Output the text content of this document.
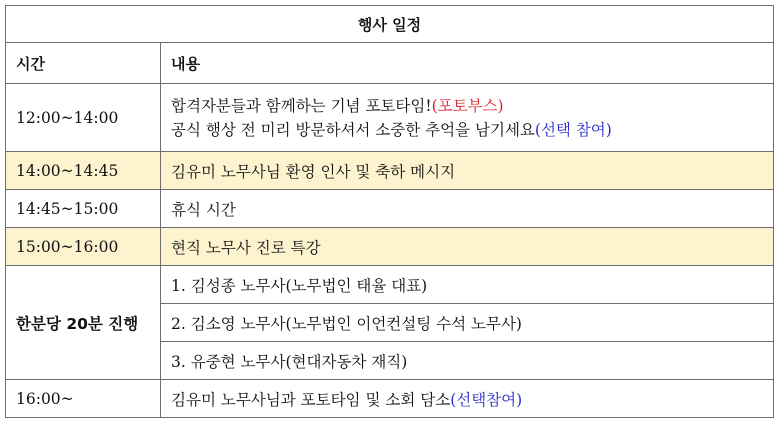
행사 일정	
시간	내용
12:00~14:00	합격자분들과 함께하는 기념 포토타임!(포토부스)
공식 행상 전 미리 방문하셔서 소중한 추억을 남기세요(선택 참여)

14:00~14:45	김유미 노무사님 환영 인사 및 축하 메시지
14:45~15:00	휴식 시간
15:00~16:00	현직 노무사 진로 특강
한분당 20분 진행	1. 김성종 노무사(노무법인 태율 대표)
	2. 김소영 노무사(노무법인 이언컨설팅 수석 노무사)
	3. 유중현 노무사(현대자동차 재직)
16:00~	김유미 노무사님과 포토타임 및 소회 담소(선택참여)
